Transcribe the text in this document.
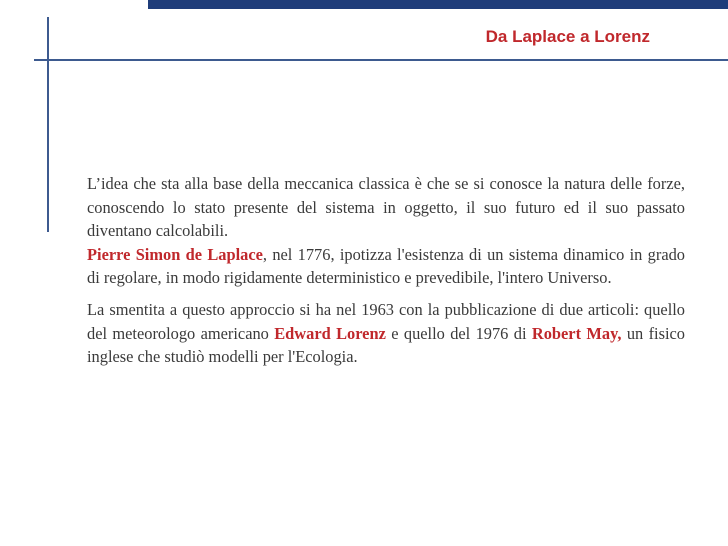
Da Laplace a Lorenz

L’idea che sta alla base della meccanica classica è che se si conosce la natura delle forze, conoscendo lo stato presente del sistema in oggetto, il suo futuro ed il suo passato diventano calcolabili.
Pierre Simon de Laplace, nel 1776, ipotizza l'esistenza di un sistema dinamico in grado di regolare, in modo rigidamente deterministico e prevedibile, l'intero Universo.

La smentita a questo approccio si ha nel 1963 con la pubblicazione di due articoli: quello del meteorologo americano Edward Lorenz e quello del 1976 di Robert May, un fisico inglese che studiò modelli per l'Ecologia.
